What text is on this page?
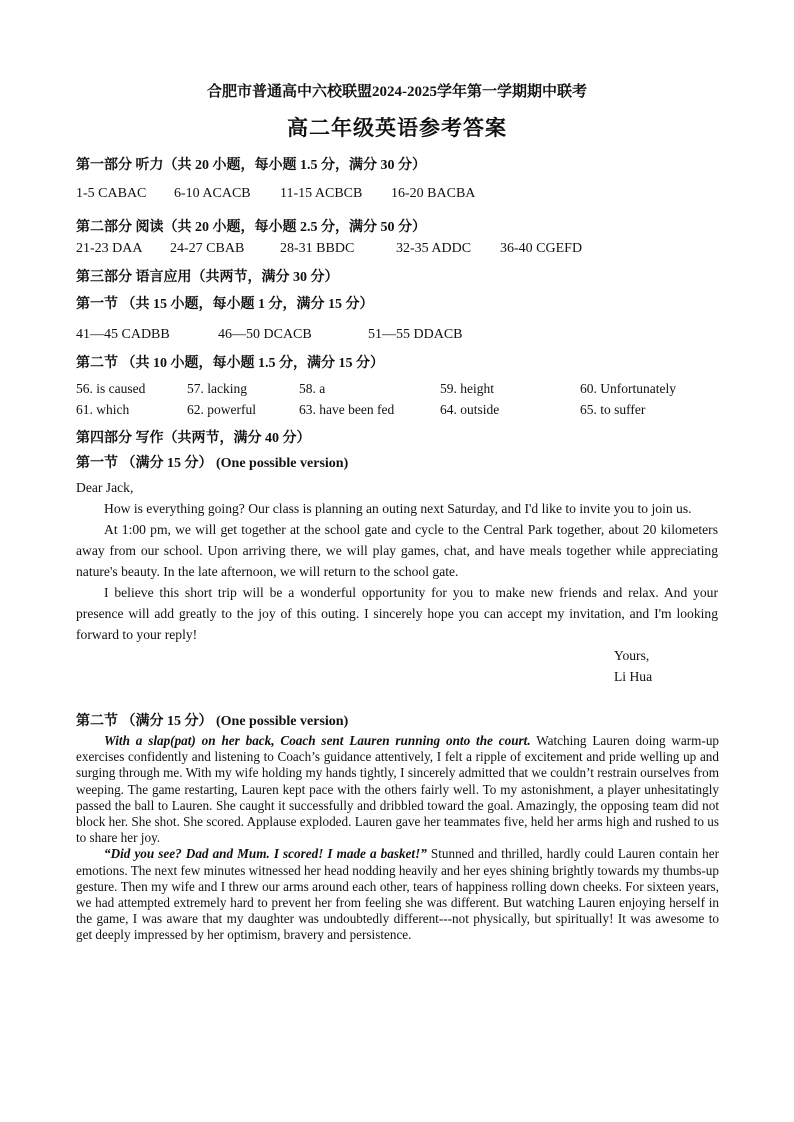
合肥市普通高中六校联盟2024-2025学年第一学期期中联考
高二年级英语参考答案
第一部分 听力（共 20 小题，每小题 1.5 分，满分 30 分）
1-5 CABAC 6-10 ACACB 11-15 ACBCB 16-20 BACBA
第二部分 阅读（共 20 小题，每小题 2.5 分，满分 50 分）
21-23 DAA 24-27 CBAB	28-31 BBDC	32-35 ADDC 36-40 CGEFD
第三部分 语言应用（共两节，满分 30 分）
第一节 （共 15 小题，每小题 1 分，满分 15 分）
41—45 CADBB	46—50 DCACB	51—55 DDACB
第二节 （共 10 小题，每小题 1.5 分，满分 15 分）
56. is caused	57. lacking	58. a	59. height	60. Unfortunately
61. which	62. powerful	63. have been fed	64. outside	65. to suffer
第四部分 写作（共两节，满分 40 分）
第一节 （满分 15 分） (One possible version)

Dear Jack,

How is everything going? Our class is planning an outing next Saturday, and I'd like to invite you to join us.

At 1:00 pm, we will get together at the school gate and cycle to the Central Park together, about 20 kilometers away from our school. Upon arriving there, we will play games, chat, and have meals together while appreciating nature's beauty. In the late afternoon, we will return to the school gate.

I believe this short trip will be a wonderful opportunity for you to make new friends and relax. And your presence will add greatly to the joy of this outing. I sincerely hope you can accept my invitation, and I'm looking forward to your reply!

Yours,
Li Hua
第二节 （满分 15 分） (One possible version)

With a slap(pat) on her back, Coach sent Lauren running onto the court. Watching Lauren doing warm-up exercises confidently and listening to Coach’s guidance attentively, I felt a ripple of excitement and pride welling up and surging through me. With my wife holding my hands tightly, I sincerely admitted that we couldn’t restrain ourselves from weeping. The game restarting, Lauren kept pace with the others fairly well. To my astonishment, a player unhesitatingly passed the ball to Lauren. She caught it successfully and dribbled toward the goal. Amazingly, the opposing team did not block her. She shot. She scored. Applause exploded. Lauren gave her teammates five, held her arms high and rushed to us to share her joy.

“Did you see? Dad and Mum. I scored! I made a basket!” Stunned and thrilled, hardly could Lauren contain her emotions. The next few minutes witnessed her head nodding heavily and her eyes shining brightly towards my thumbs-up gesture. Then my wife and I threw our arms around each other, tears of happiness rolling down cheeks. For sixteen years, we had attempted extremely hard to prevent her from feeling she was different. But watching Lauren enjoying herself in the game, I was aware that my daughter was undoubtedly different---not physically, but spiritually! It was awesome to get deeply impressed by her optimism, bravery and persistence.
